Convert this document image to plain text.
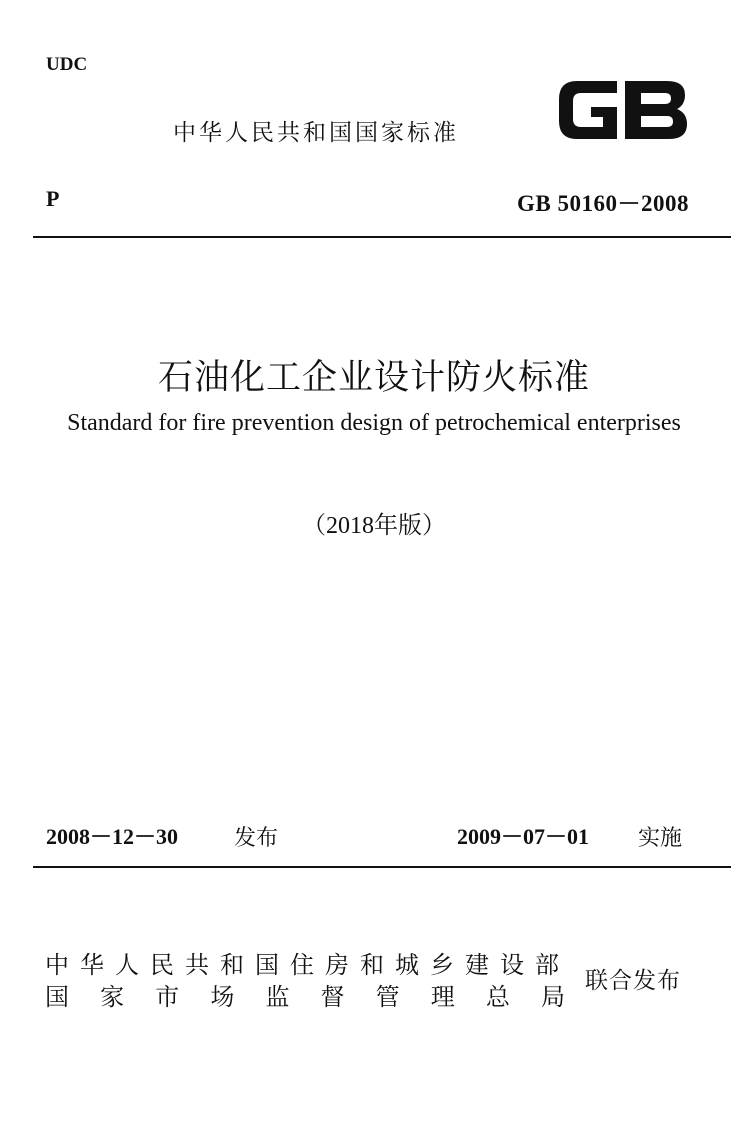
UDC
中华人民共和国国家标准
P	GB 50160－2008
石油化工企业设计防火标准
Standard for fire prevention design of petrochemical enterprises
（2018年版）
2008－12－30	发布	2009－07－01 实施
中华人民共和国住房和城乡建设部
国 家 市 场 监 督 管 理 总 局
联合发布
